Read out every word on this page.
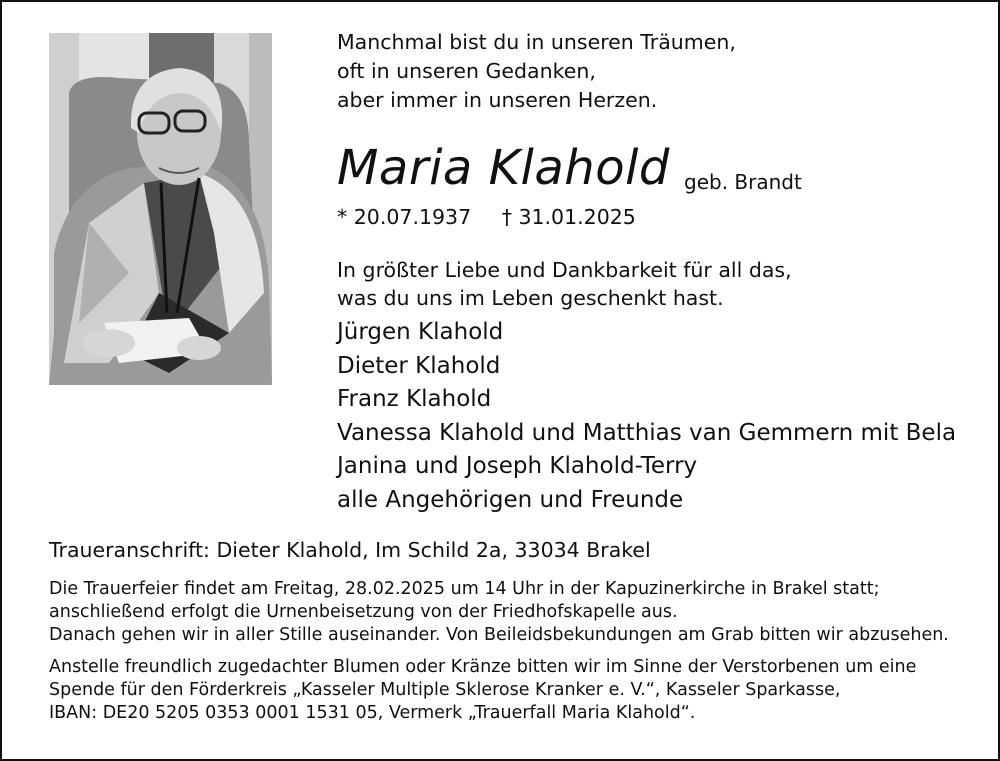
Manchmal bist du in unseren Träumen,
oft in unseren Gedanken,
aber immer in unseren Herzen.
Maria Klahold geb. Brandt
* 20.07.1937 † 31.01.2025
In größter Liebe und Dankbarkeit für all das,
was du uns im Leben geschenkt hast.
Jürgen Klahold
Dieter Klahold
Franz Klahold
Vanessa Klahold und Matthias van Gemmern mit Bela
Janina und Joseph Klahold-Terry
alle Angehörigen und Freunde
Traueranschrift: Dieter Klahold, Im Schild 2a, 33034 Brakel
Die Trauerfeier findet am Freitag, 28.02.2025 um 14 Uhr in der Kapuzinerkirche in Brakel statt;
anschließend erfolgt die Urnenbeisetzung von der Friedhofskapelle aus.
Danach gehen wir in aller Stille auseinander. Von Beileidsbekundungen am Grab bitten wir abzusehen.
Anstelle freundlich zugedachter Blumen oder Kränze bitten wir im Sinne der Verstorbenen um eine
Spende für den Förderkreis „Kasseler Multiple Sklerose Kranker e. V.“, Kasseler Sparkasse,
IBAN: DE20 5205 0353 0001 1531 05, Vermerk „Trauerfall Maria Klahold“.
